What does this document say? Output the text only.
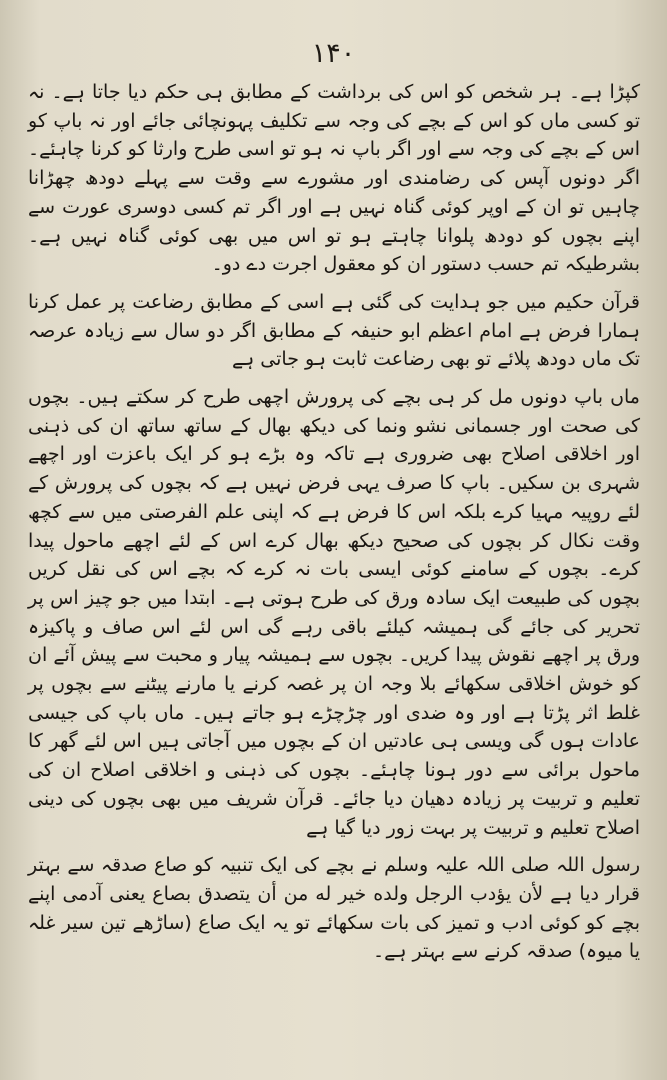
۱۴۰

کپڑا ہے۔ ہر شخص کو اس کی برداشت کے مطابق ہی حکم دیا جاتا ہے۔ نہ تو کسی ماں کو اس کے بچے کی وجہ سے تکلیف پہونچائی جائے اور نہ باپ کو اس کے بچے کی وجہ سے اور اگر باپ نہ ہو تو اسی طرح وارثا کو کرنا چاہئے۔ اگر دونوں آپس کی رضامندی اور مشورے سے وقت سے پہلے دودھ چھڑانا چاہیں تو ان کے اوپر کوئی گناہ نہیں ہے اور اگر تم کسی دوسری عورت سے اپنے بچوں کو دودھ پلوانا چاہتے ہو تو اس میں بھی کوئی گناہ نہیں ہے۔ بشرطیکہ تم حسب دستور ان کو معقول اجرت دے دو۔

قرآن حکیم میں جو ہدایت کی گئی ہے اسی کے مطابق رضاعت پر عمل کرنا ہمارا فرض ہے امام اعظم ابو حنیفہ کے مطابق اگر دو سال سے زیادہ عرصہ تک ماں دودھ پلائے تو بھی رضاعت ثابت ہو جاتی ہے

ماں باپ دونوں مل کر ہی بچے کی پرورش اچھی طرح کر سکتے ہیں۔ بچوں کی صحت اور جسمانی نشو ونما کی دیکھ بھال کے ساتھ ساتھ ان کی ذہنی اور اخلاقی اصلاح بھی ضروری ہے تاکہ وہ بڑے ہو کر ایک باعزت اور اچھے شہری بن سکیں۔ باپ کا صرف یہی فرض نہیں ہے کہ بچوں کی پرورش کے لئے روپیہ مہیا کرے بلکہ اس کا فرض ہے کہ اپنی علم الفرصتی میں سے کچھ وقت نکال کر بچوں کی صحیح دیکھ بھال کرے اس کے لئے اچھے ماحول پیدا کرے۔ بچوں کے سامنے کوئی ایسی بات نہ کرے کہ بچے اس کی نقل کریں بچوں کی طبیعت ایک سادہ ورق کی طرح ہوتی ہے۔ ابتدا میں جو چیز اس پر تحریر کی جائے گی ہمیشہ کیلئے باقی رہے گی اس لئے اس صاف و پاکیزہ ورق پر اچھے نقوش پیدا کریں۔ بچوں سے ہمیشہ پیار و محبت سے پیش آئے ان کو خوش اخلاقی سکھائے بلا وجہ ان پر غصہ کرنے یا مارنے پیٹنے سے بچوں پر غلط اثر پڑتا ہے اور وہ ضدی اور چڑچڑے ہو جاتے ہیں۔ ماں باپ کی جیسی عادات ہوں گی ویسی ہی عادتیں ان کے بچوں میں آجاتی ہیں اس لئے گھر کا ماحول برائی سے دور ہونا چاہئے۔ بچوں کی ذہنی و اخلاقی اصلاح ان کی تعلیم و تربیت پر زیادہ دھیان دیا جائے۔ قرآن شریف میں بھی بچوں کی دینی اصلاح تعلیم و تربیت پر بہت زور دیا گیا ہے

رسول اللہ صلی اللہ علیہ وسلم نے بچے کی ایک تنبیہ کو صاع صدقہ سے بہتر قرار دیا ہے لأن يؤدب الرجل ولده خير له من أن يتصدق بصاع یعنی آدمی اپنے بچے کو کوئی ادب و تمیز کی بات سکھائے تو یہ ایک صاع (ساڑھے تین سیر غلہ یا میوہ) صدقہ کرنے سے بہتر ہے۔
